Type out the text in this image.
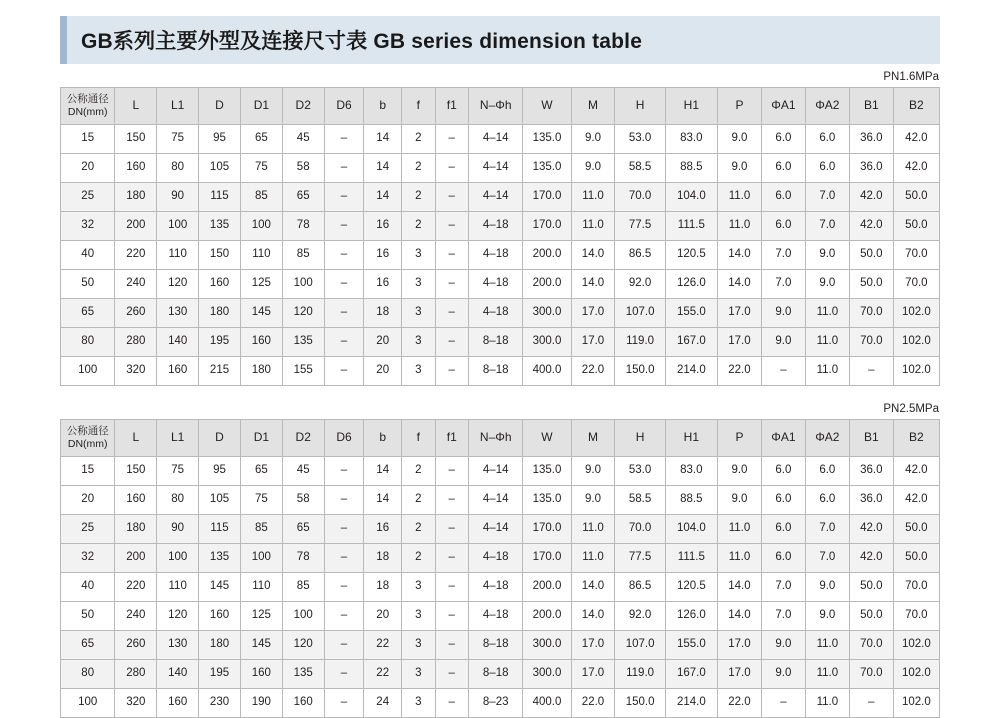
GB系列主要外型及连接尺寸表 GB series dimension table
PN1.6MPa
公称通径
DN(mm)	L	L1	D	D1	D2	D6	b	f	f1	N–Φh	W	M	H	H1	P	ΦA1	ΦA2	B1	B2
15	150	75	95	65	45	–	14	2	–	4–14	135.0	9.0	53.0	83.0	9.0	6.0	6.0	36.0	42.0
20	160	80	105	75	58	–	14	2	–	4–14	135.0	9.0	58.5	88.5	9.0	6.0	6.0	36.0	42.0
25	180	90	115	85	65	–	14	2	–	4–14	170.0	11.0	70.0	104.0	11.0	6.0	7.0	42.0	50.0
32	200	100	135	100	78	–	16	2	–	4–18	170.0	11.0	77.5	111.5	11.0	6.0	7.0	42.0	50.0
40	220	110	150	110	85	–	16	3	–	4–18	200.0	14.0	86.5	120.5	14.0	7.0	9.0	50.0	70.0
50	240	120	160	125	100	–	16	3	–	4–18	200.0	14.0	92.0	126.0	14.0	7.0	9.0	50.0	70.0
65	260	130	180	145	120	–	18	3	–	4–18	300.0	17.0	107.0	155.0	17.0	9.0	11.0	70.0	102.0
80	280	140	195	160	135	–	20	3	–	8–18	300.0	17.0	119.0	167.0	17.0	9.0	11.0	70.0	102.0
100	320	160	215	180	155	–	20	3	–	8–18	400.0	22.0	150.0	214.0	22.0	–	11.0	–	102.0
PN2.5MPa
公称通径
DN(mm)	L	L1	D	D1	D2	D6	b	f	f1	N–Φh	W	M	H	H1	P	ΦA1	ΦA2	B1	B2
15	150	75	95	65	45	–	14	2	–	4–14	135.0	9.0	53.0	83.0	9.0	6.0	6.0	36.0	42.0
20	160	80	105	75	58	–	14	2	–	4–14	135.0	9.0	58.5	88.5	9.0	6.0	6.0	36.0	42.0
25	180	90	115	85	65	–	16	2	–	4–14	170.0	11.0	70.0	104.0	11.0	6.0	7.0	42.0	50.0
32	200	100	135	100	78	–	18	2	–	4–18	170.0	11.0	77.5	111.5	11.0	6.0	7.0	42.0	50.0
40	220	110	145	110	85	–	18	3	–	4–18	200.0	14.0	86.5	120.5	14.0	7.0	9.0	50.0	70.0
50	240	120	160	125	100	–	20	3	–	4–18	200.0	14.0	92.0	126.0	14.0	7.0	9.0	50.0	70.0
65	260	130	180	145	120	–	22	3	–	8–18	300.0	17.0	107.0	155.0	17.0	9.0	11.0	70.0	102.0
80	280	140	195	160	135	–	22	3	–	8–18	300.0	17.0	119.0	167.0	17.0	9.0	11.0	70.0	102.0
100	320	160	230	190	160	–	24	3	–	8–23	400.0	22.0	150.0	214.0	22.0	–	11.0	–	102.0
